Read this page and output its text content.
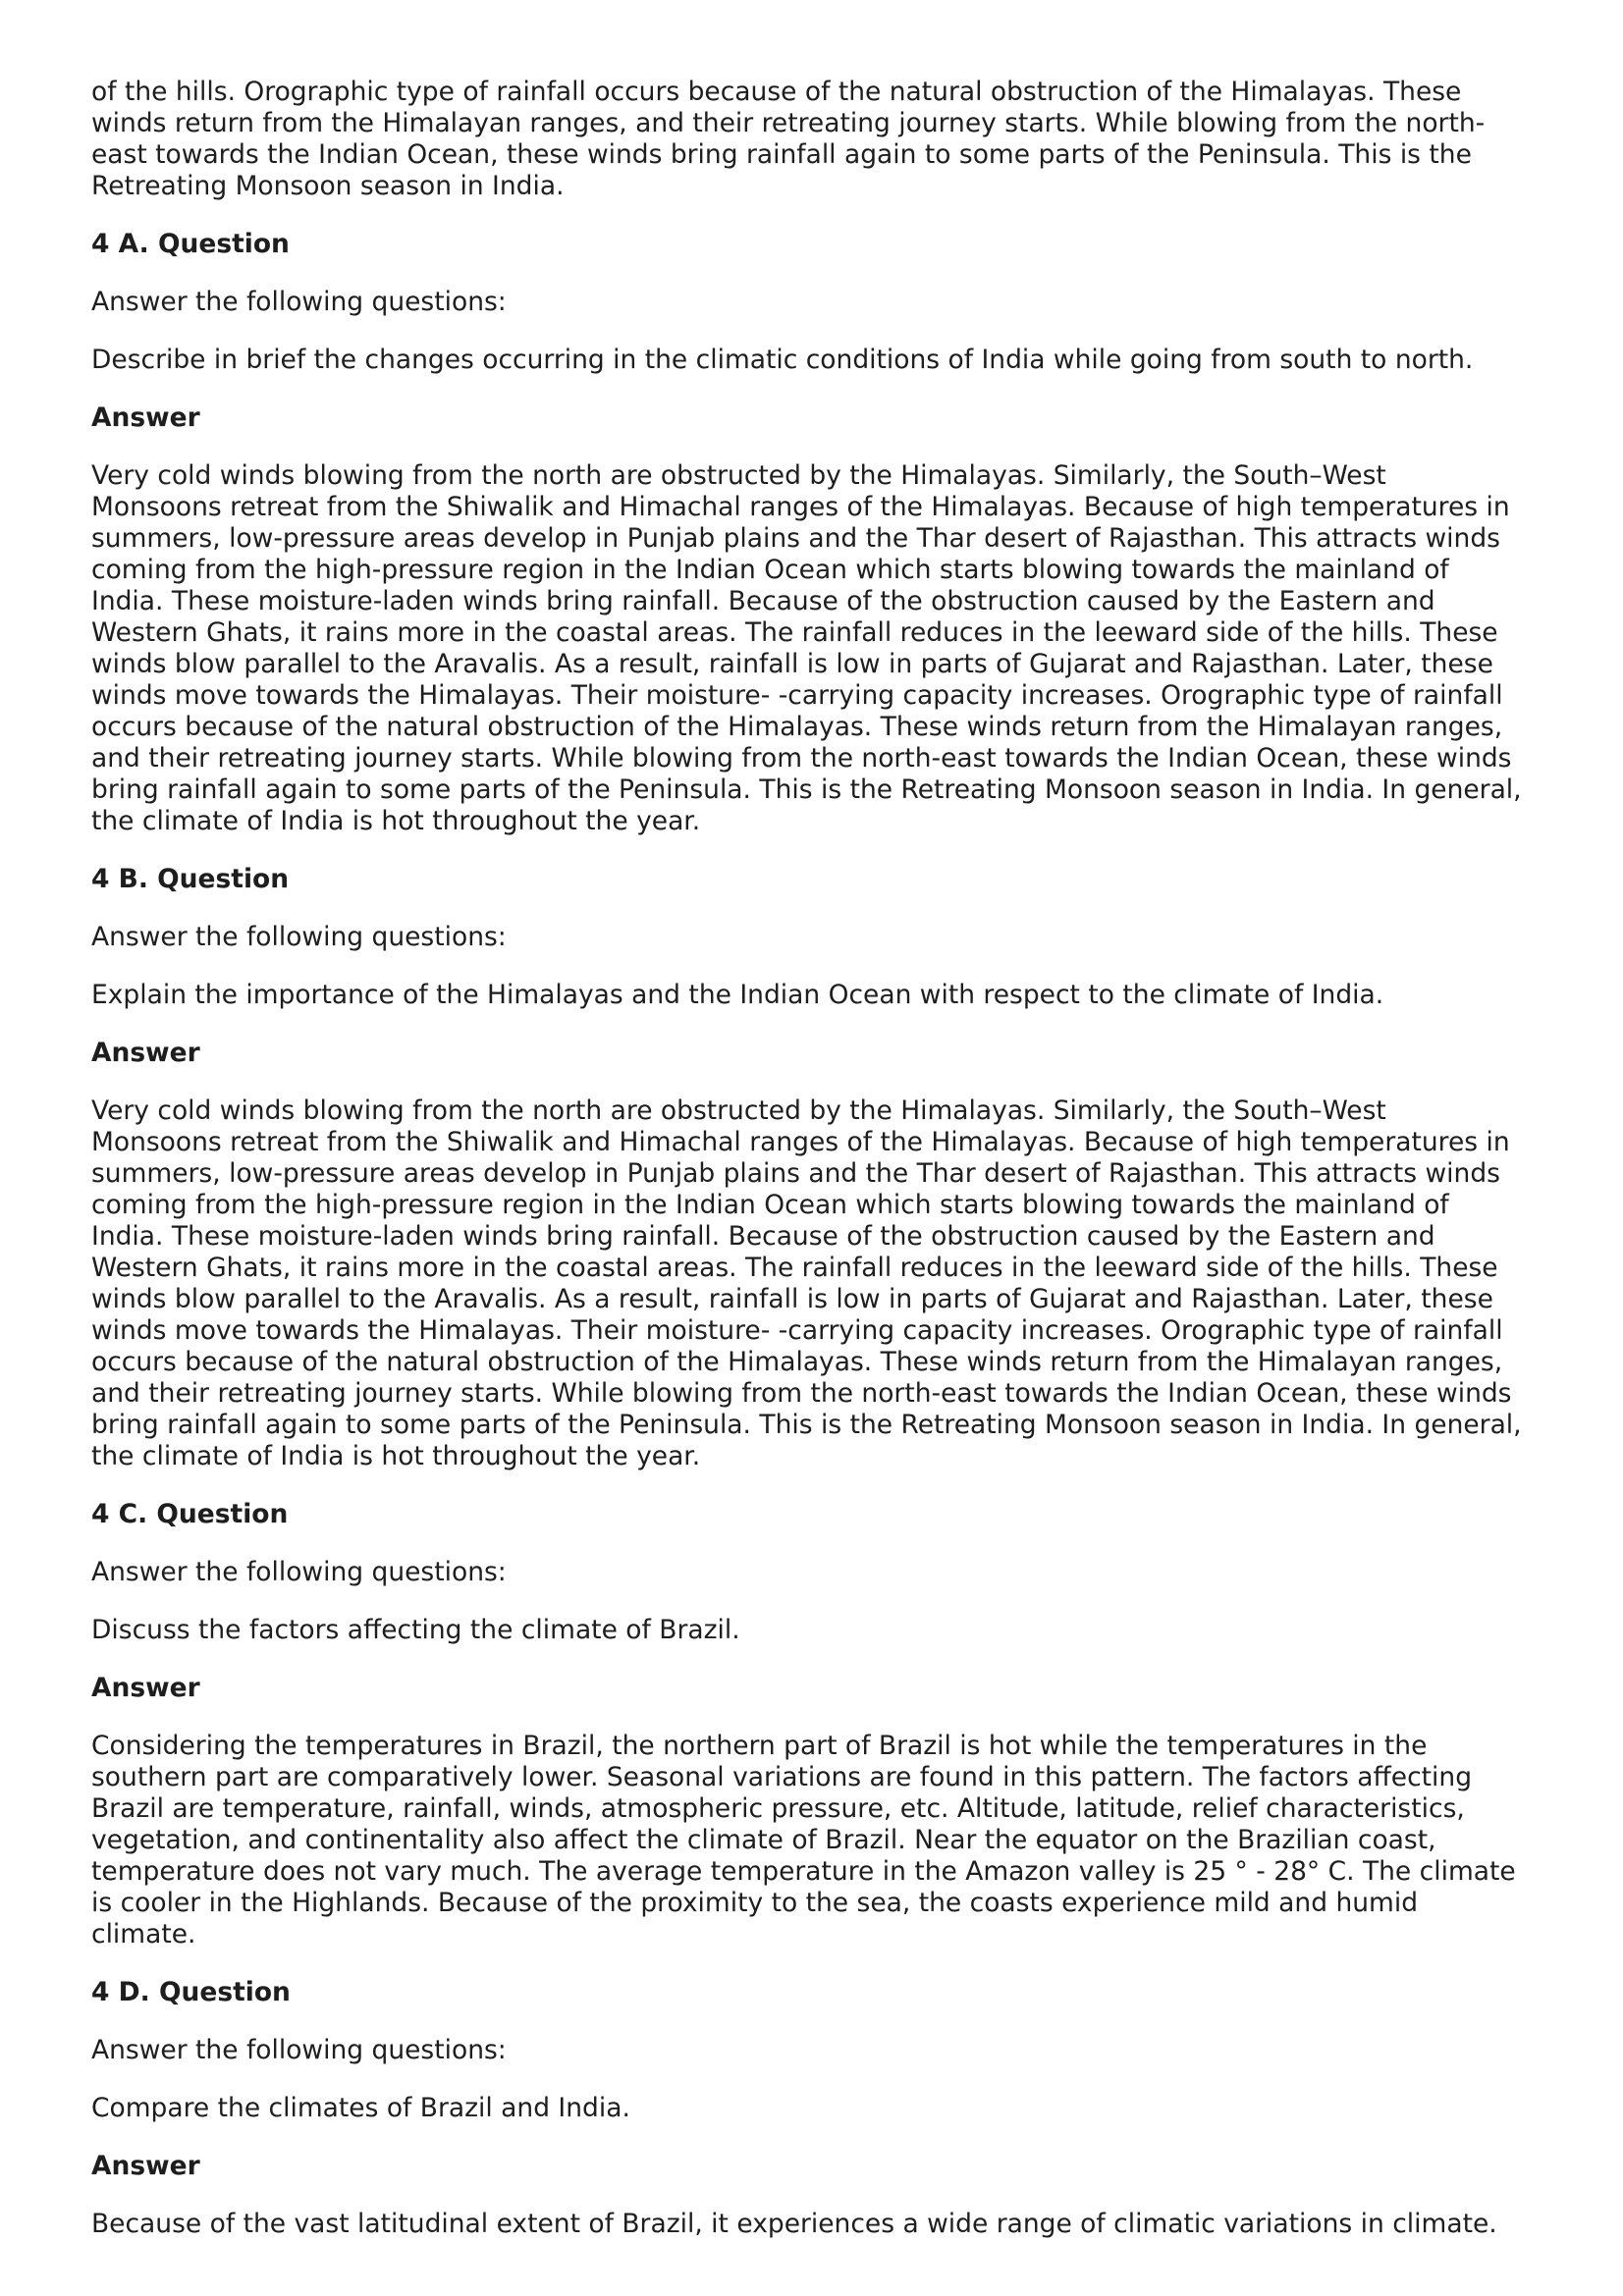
of the hills. Orographic type of rainfall occurs because of the natural obstruction of the Himalayas. These
winds return from the Himalayan ranges, and their retreating journey starts. While blowing from the north-
east towards the Indian Ocean, these winds bring rainfall again to some parts of the Peninsula. This is the
Retreating Monsoon season in India.

4 A. Question

Answer the following questions:

Describe in brief the changes occurring in the climatic conditions of India while going from south to north.

Answer

Very cold winds blowing from the north are obstructed by the Himalayas. Similarly, the South–West
Monsoons retreat from the Shiwalik and Himachal ranges of the Himalayas. Because of high temperatures in
summers, low-pressure areas develop in Punjab plains and the Thar desert of Rajasthan. This attracts winds
coming from the high-pressure region in the Indian Ocean which starts blowing towards the mainland of
India. These moisture-laden winds bring rainfall. Because of the obstruction caused by the Eastern and
Western Ghats, it rains more in the coastal areas. The rainfall reduces in the leeward side of the hills. These
winds blow parallel to the Aravalis. As a result, rainfall is low in parts of Gujarat and Rajasthan. Later, these
winds move towards the Himalayas. Their moisture- -carrying capacity increases. Orographic type of rainfall
occurs because of the natural obstruction of the Himalayas. These winds return from the Himalayan ranges,
and their retreating journey starts. While blowing from the north-east towards the Indian Ocean, these winds
bring rainfall again to some parts of the Peninsula. This is the Retreating Monsoon season in India. In general,
the climate of India is hot throughout the year.

4 B. Question

Answer the following questions:

Explain the importance of the Himalayas and the Indian Ocean with respect to the climate of India.

Answer

Very cold winds blowing from the north are obstructed by the Himalayas. Similarly, the South–West
Monsoons retreat from the Shiwalik and Himachal ranges of the Himalayas. Because of high temperatures in
summers, low-pressure areas develop in Punjab plains and the Thar desert of Rajasthan. This attracts winds
coming from the high-pressure region in the Indian Ocean which starts blowing towards the mainland of
India. These moisture-laden winds bring rainfall. Because of the obstruction caused by the Eastern and
Western Ghats, it rains more in the coastal areas. The rainfall reduces in the leeward side of the hills. These
winds blow parallel to the Aravalis. As a result, rainfall is low in parts of Gujarat and Rajasthan. Later, these
winds move towards the Himalayas. Their moisture- -carrying capacity increases. Orographic type of rainfall
occurs because of the natural obstruction of the Himalayas. These winds return from the Himalayan ranges,
and their retreating journey starts. While blowing from the north-east towards the Indian Ocean, these winds
bring rainfall again to some parts of the Peninsula. This is the Retreating Monsoon season in India. In general,
the climate of India is hot throughout the year.

4 C. Question

Answer the following questions:

Discuss the factors affecting the climate of Brazil.

Answer

Considering the temperatures in Brazil, the northern part of Brazil is hot while the temperatures in the
southern part are comparatively lower. Seasonal variations are found in this pattern. The factors affecting
Brazil are temperature, rainfall, winds, atmospheric pressure, etc. Altitude, latitude, relief characteristics,
vegetation, and continentality also affect the climate of Brazil. Near the equator on the Brazilian coast,
temperature does not vary much. The average temperature in the Amazon valley is 25 ° - 28° C. The climate
is cooler in the Highlands. Because of the proximity to the sea, the coasts experience mild and humid
climate.

4 D. Question

Answer the following questions:

Compare the climates of Brazil and India.

Answer

Because of the vast latitudinal extent of Brazil, it experiences a wide range of climatic variations in climate.
